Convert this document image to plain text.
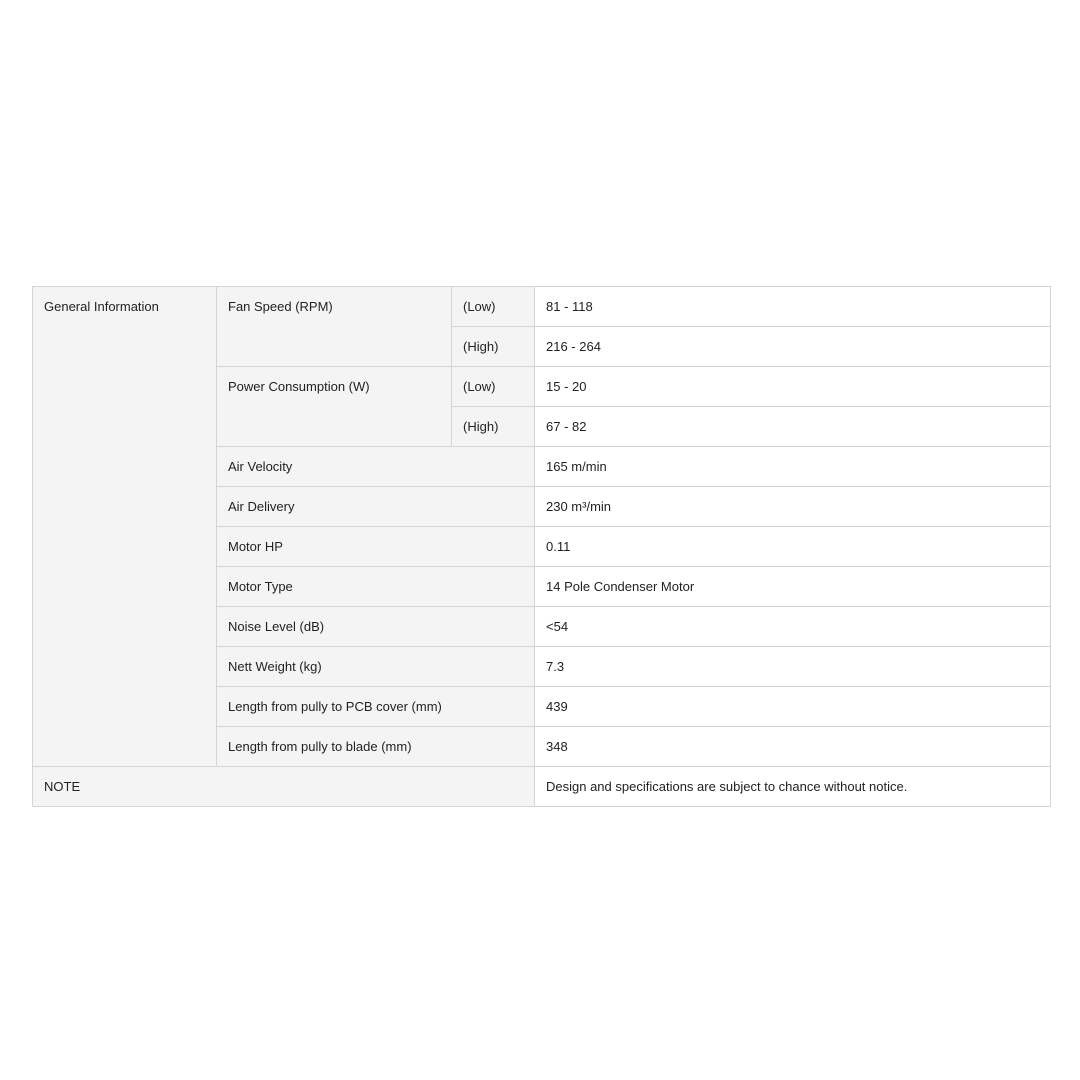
General Information	Fan Speed (RPM)	(Low)	81 - 118
		(High)	216 - 264
	Power Consumption (W)	(Low)	15 - 20
		(High)	67 - 82
	Air Velocity		165 m/min
	Air Delivery		230 m³/min
	Motor HP		0.11
	Motor Type		14 Pole Condenser Motor
	Noise Level (dB)		<54
	Nett Weight (kg)		7.3
	Length from pully to PCB cover (mm)		439
	Length from pully to blade (mm)		348
NOTE			Design and specifications are subject to chance without notice.
